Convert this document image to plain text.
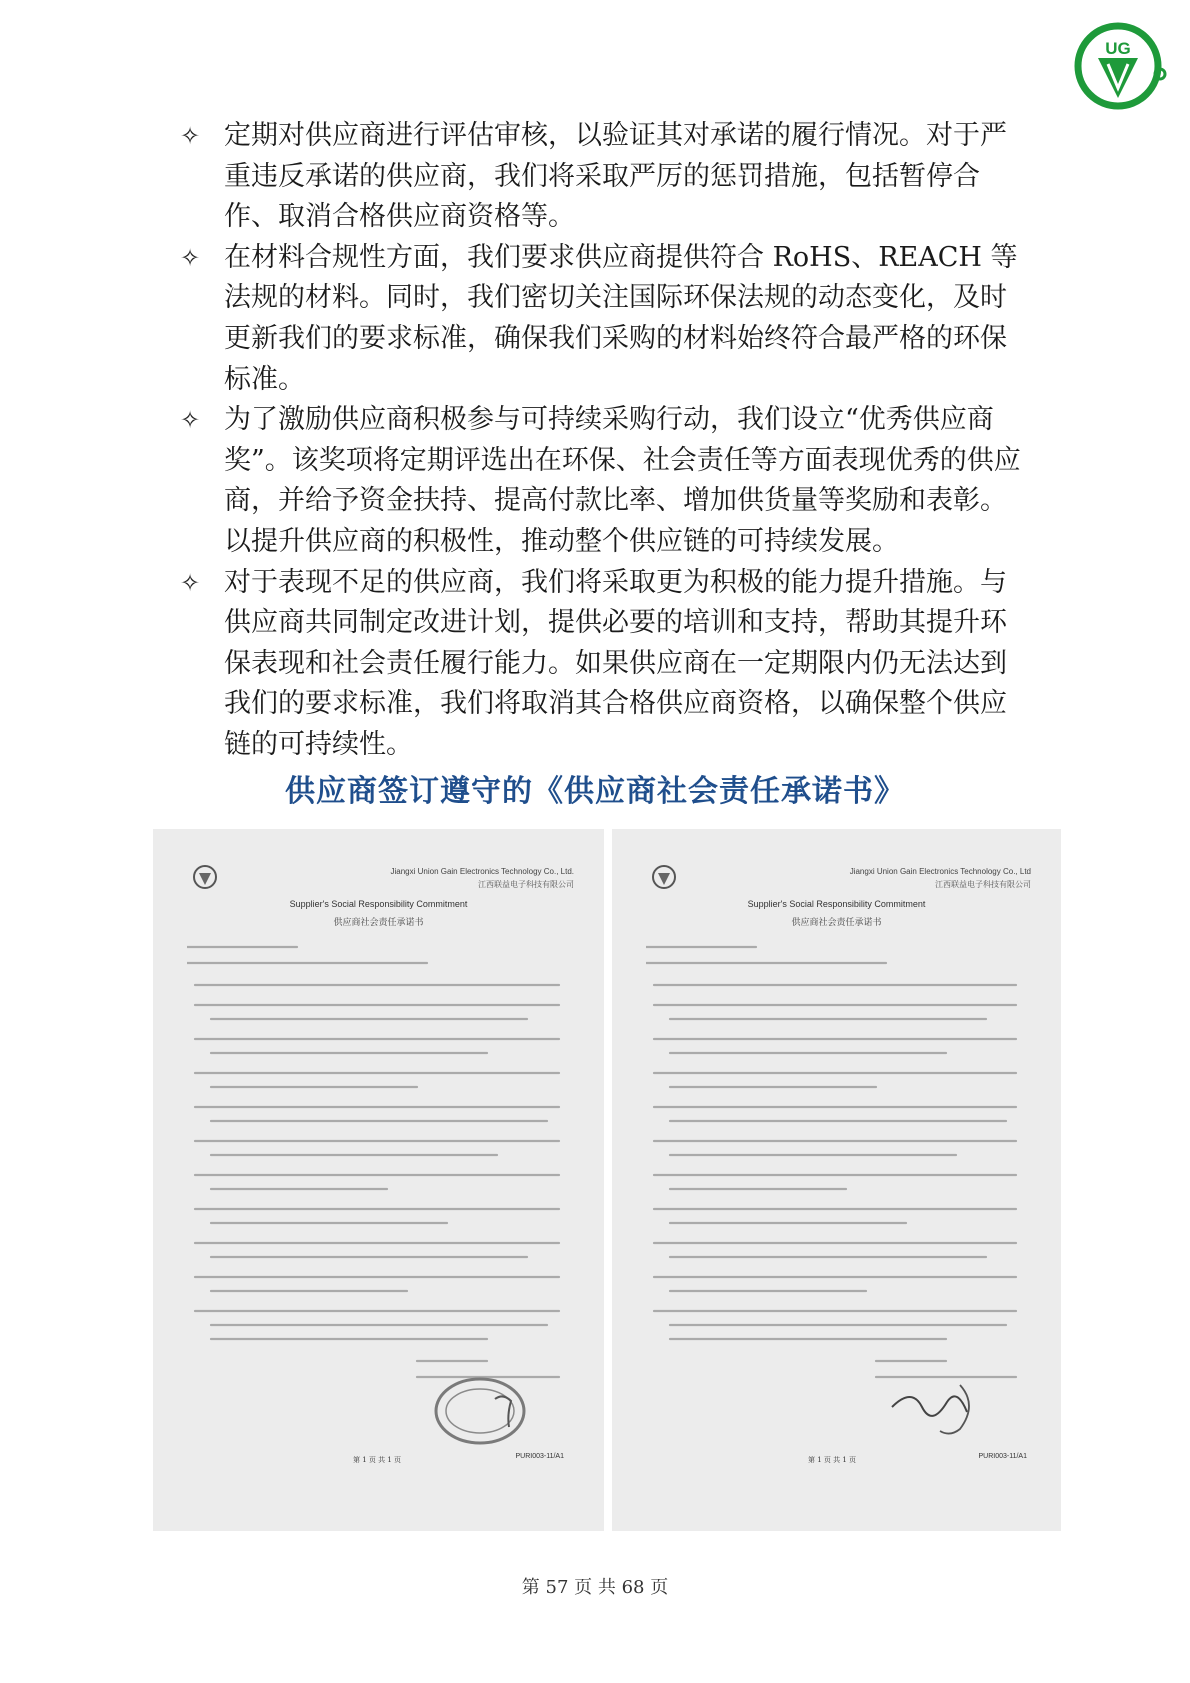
UG
✧ 定期对供应商进行评估审核，以验证其对承诺的履行情况。对于严重违反承诺的供应商，我们将采取严厉的惩罚措施，包括暂停合作、取消合格供应商资格等。
✧ 在材料合规性方面，我们要求供应商提供符合 RoHS、REACH 等法规的材料。同时，我们密切关注国际环保法规的动态变化，及时更新我们的要求标准，确保我们采购的材料始终符合最严格的环保标准。
✧ 为了激励供应商积极参与可持续采购行动，我们设立“优秀供应商奖”。该奖项将定期评选出在环保、社会责任等方面表现优秀的供应商，并给予资金扶持、提高付款比率、增加供货量等奖励和表彰。以提升供应商的积极性，推动整个供应链的可持续发展。
✧ 对于表现不足的供应商，我们将采取更为积极的能力提升措施。与供应商共同制定改进计划，提供必要的培训和支持，帮助其提升环保表现和社会责任履行能力。如果供应商在一定期限内仍无法达到我们的要求标准，我们将取消其合格供应商资格，以确保整个供应链的可持续性。
供应商签订遵守的《供应商社会责任承诺书》
Jiangxi Union Gain Electronics Technology Co., Ltd.
江西联益电子科技有限公司
Supplier's Social Responsibility Commitment
供应商社会责任承诺书
第 1 页 共 1 页	PURI003-11/A1
Jiangxi Union Gain Electronics Technology Co., Ltd
江西联益电子科技有限公司
Supplier's Social Responsibility Commitment
供应商社会责任承诺书
第 1 页 共 1 页	PURI003-11/A1
第 57 页 共 68 页
